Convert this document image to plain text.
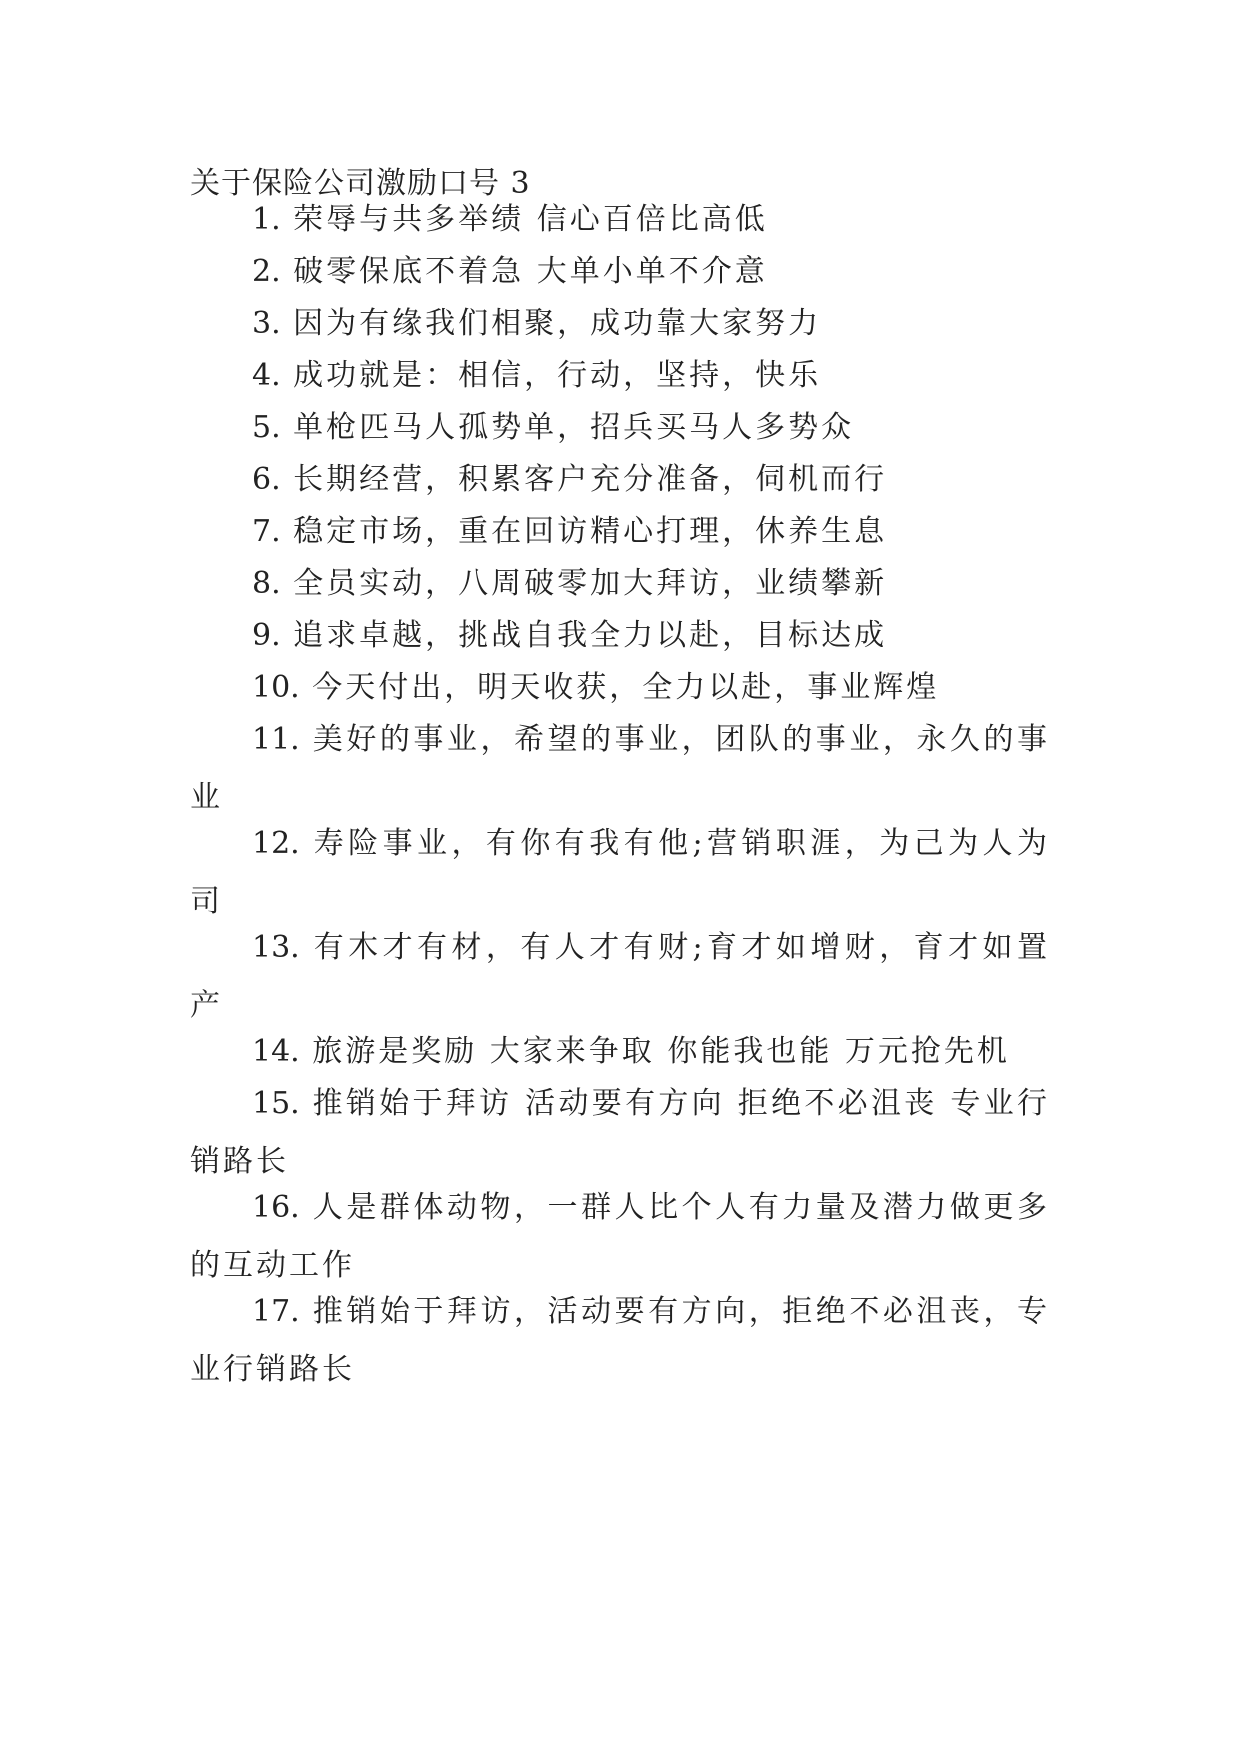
关于保险公司激励口号 3
1. 荣辱与共多举绩 信心百倍比高低
2. 破零保底不着急 大单小单不介意
3. 因为有缘我们相聚，成功靠大家努力
4. 成功就是：相信，行动，坚持，快乐
5. 单枪匹马人孤势单，招兵买马人多势众
6. 长期经营，积累客户充分准备，伺机而行
7. 稳定市场，重在回访精心打理，休养生息
8. 全员实动，八周破零加大拜访，业绩攀新
9. 追求卓越，挑战自我全力以赴，目标达成
10. 今天付出，明天收获，全力以赴，事业辉煌
11. 美好的事业，希望的事业，团队的事业，永久的事业
12. 寿险事业，有你有我有他;营销职涯，为己为人为司
13. 有木才有材，有人才有财;育才如增财，育才如置产
14. 旅游是奖励 大家来争取 你能我也能 万元抢先机
15. 推销始于拜访 活动要有方向 拒绝不必沮丧 专业行销路长
16. 人是群体动物，一群人比个人有力量及潜力做更多的互动工作
17. 推销始于拜访，活动要有方向，拒绝不必沮丧，专业行销路长
